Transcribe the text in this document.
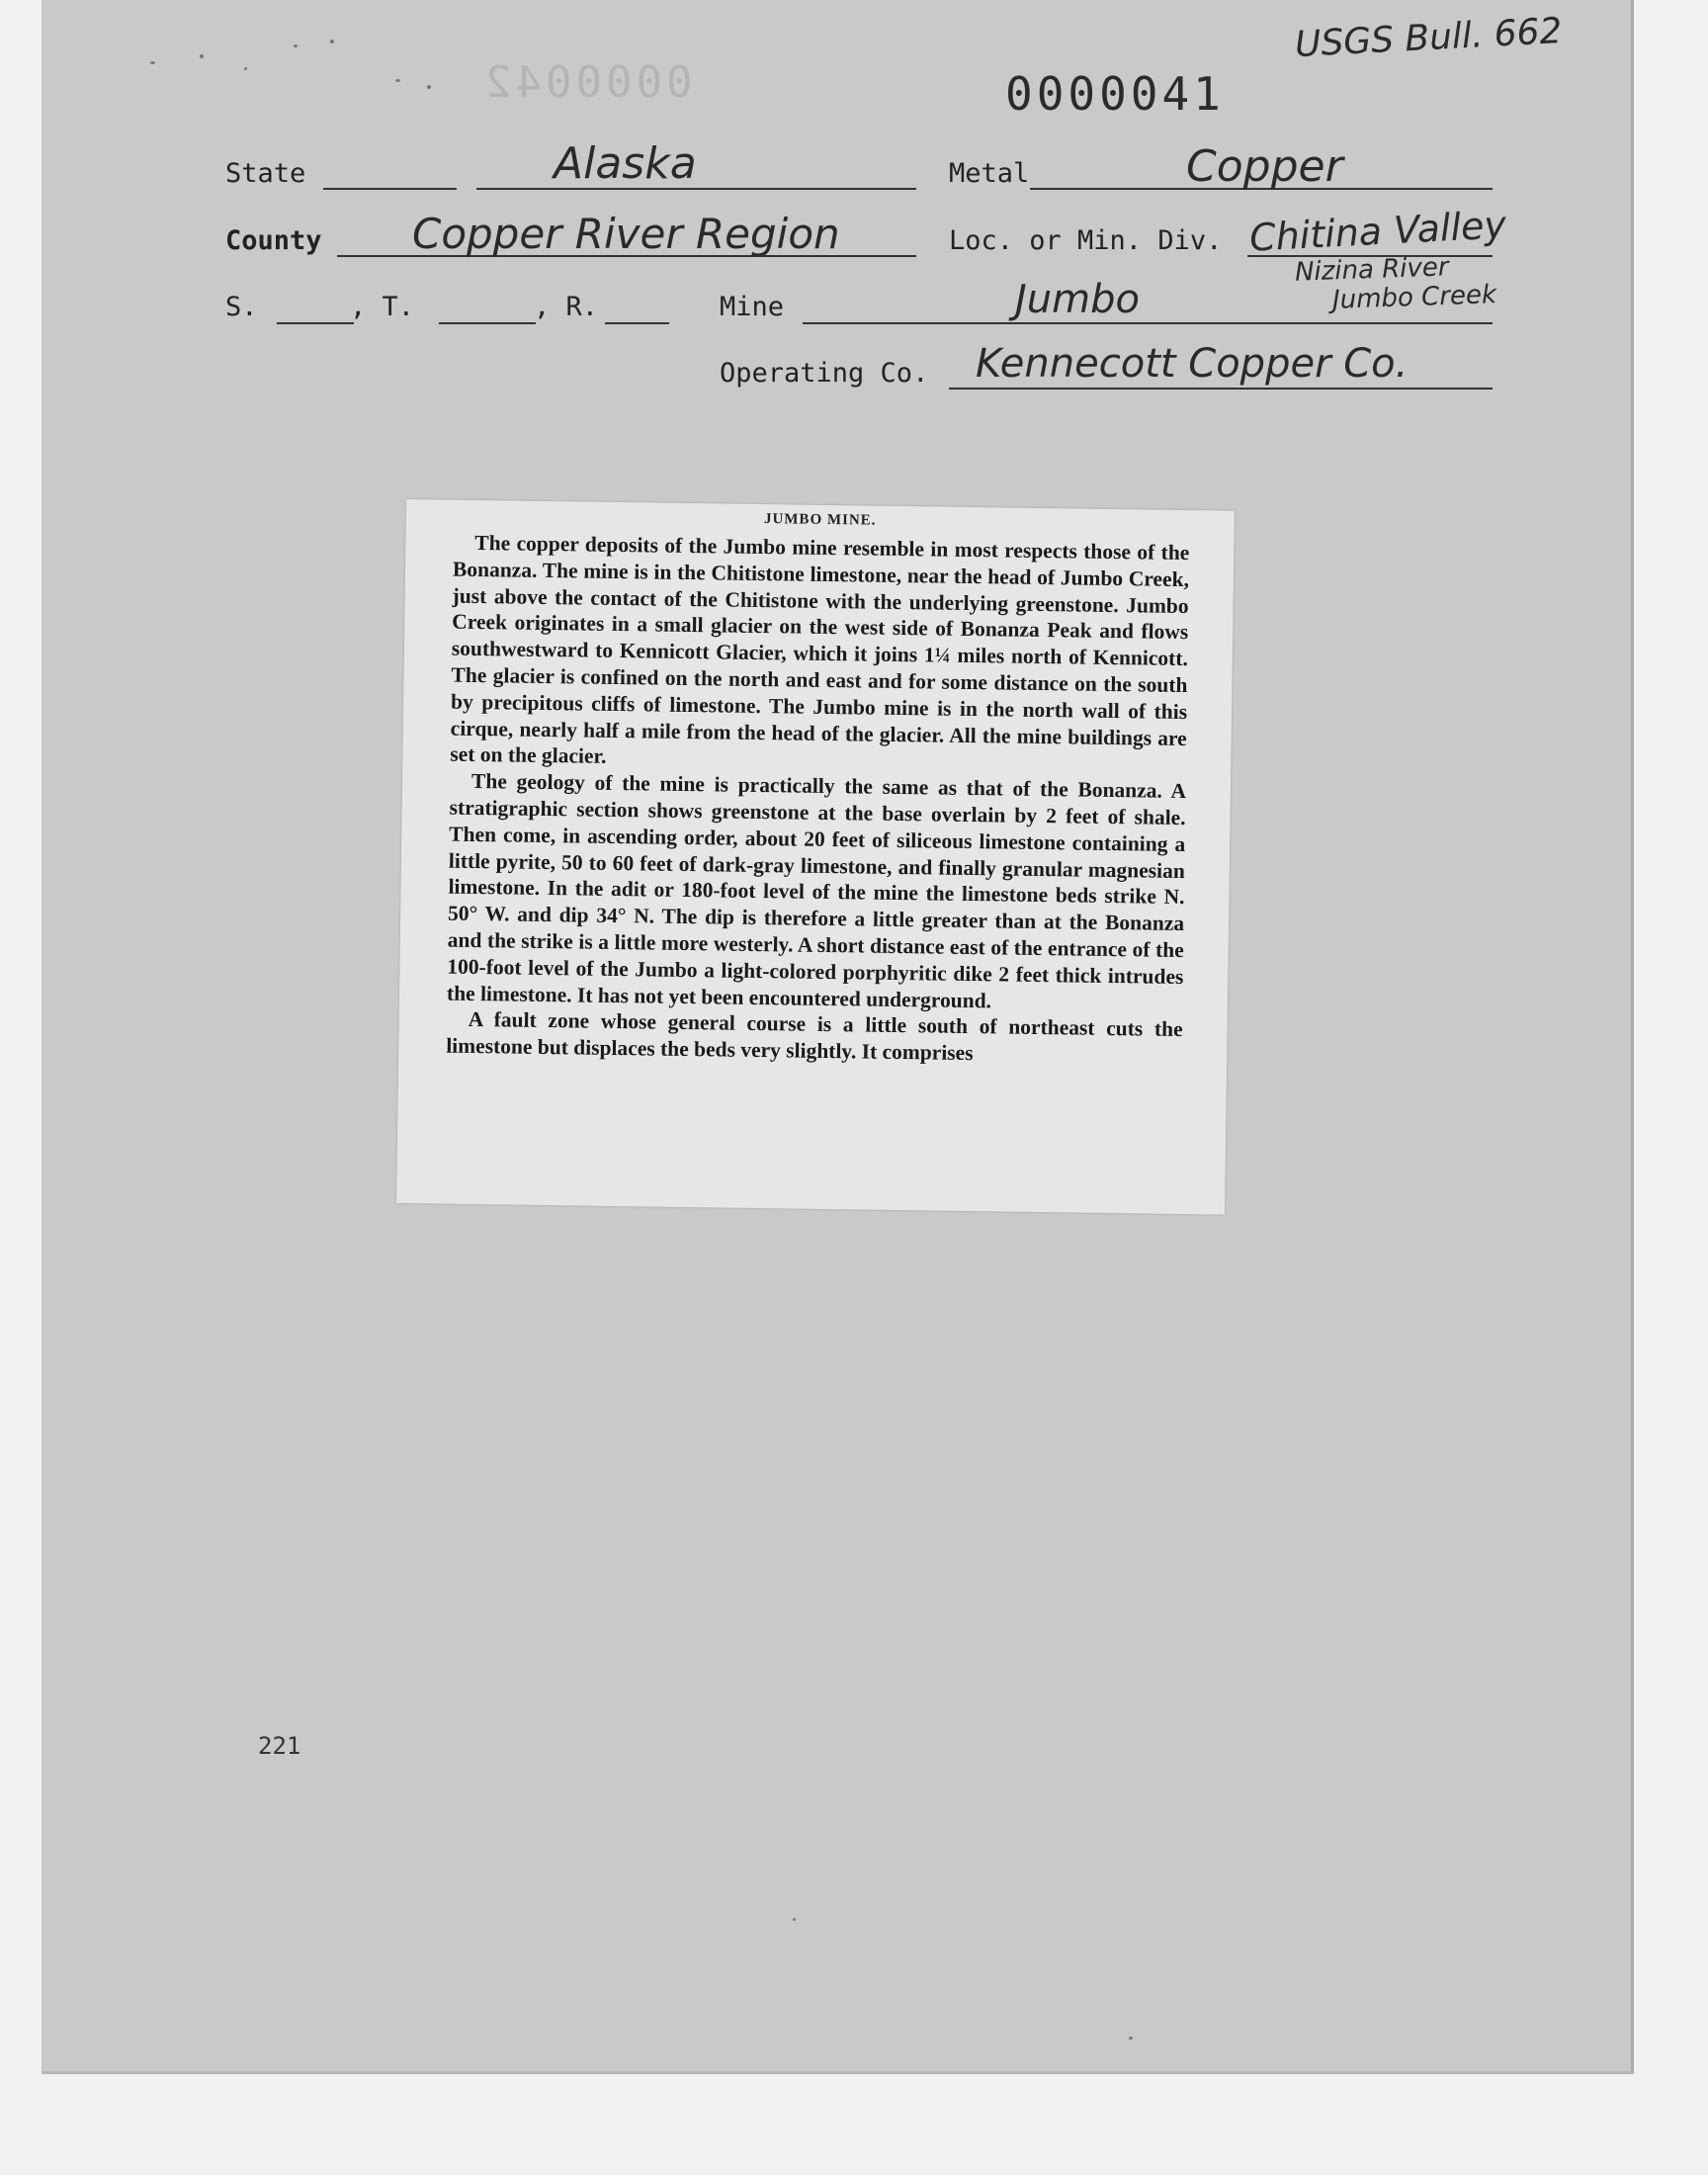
USGS Bull. 662
0000042	0000041
State	Alaska	Metal	Copper
County Copper River Region	Loc. or Min. Div. Chitina Valley
Nizina River
Jumbo Creek
S.	, T.	, R.	Mine	Jumbo
Operating Co. Kennecott Copper Co.
221
JUMBO MINE.

The copper deposits of the Jumbo mine resemble in most respects those of the Bonanza. The mine is in the Chitistone limestone, near the head of Jumbo Creek, just above the contact of the Chitistone with the underlying greenstone. Jumbo Creek originates in a small glacier on the west side of Bonanza Peak and flows southwestward to Kennicott Glacier, which it joins 1¼ miles north of Kennicott. The glacier is confined on the north and east and for some distance on the south by precipitous cliffs of limestone. The Jumbo mine is in the north wall of this cirque, nearly half a mile from the head of the glacier. All the mine buildings are set on the glacier.

The geology of the mine is practically the same as that of the Bonanza. A stratigraphic section shows greenstone at the base overlain by 2 feet of shale. Then come, in ascending order, about 20 feet of siliceous limestone containing a little pyrite, 50 to 60 feet of dark-gray limestone, and finally granular magnesian limestone. In the adit or 180-foot level of the mine the limestone beds strike N. 50° W. and dip 34° N. The dip is therefore a little greater than at the Bonanza and the strike is a little more westerly. A short distance east of the entrance of the 100-foot level of the Jumbo a light-colored porphyritic dike 2 feet thick intrudes the limestone. It has not yet been encountered underground.

A fault zone whose general course is a little south of northeast cuts the limestone but displaces the beds very slightly. It comprises
